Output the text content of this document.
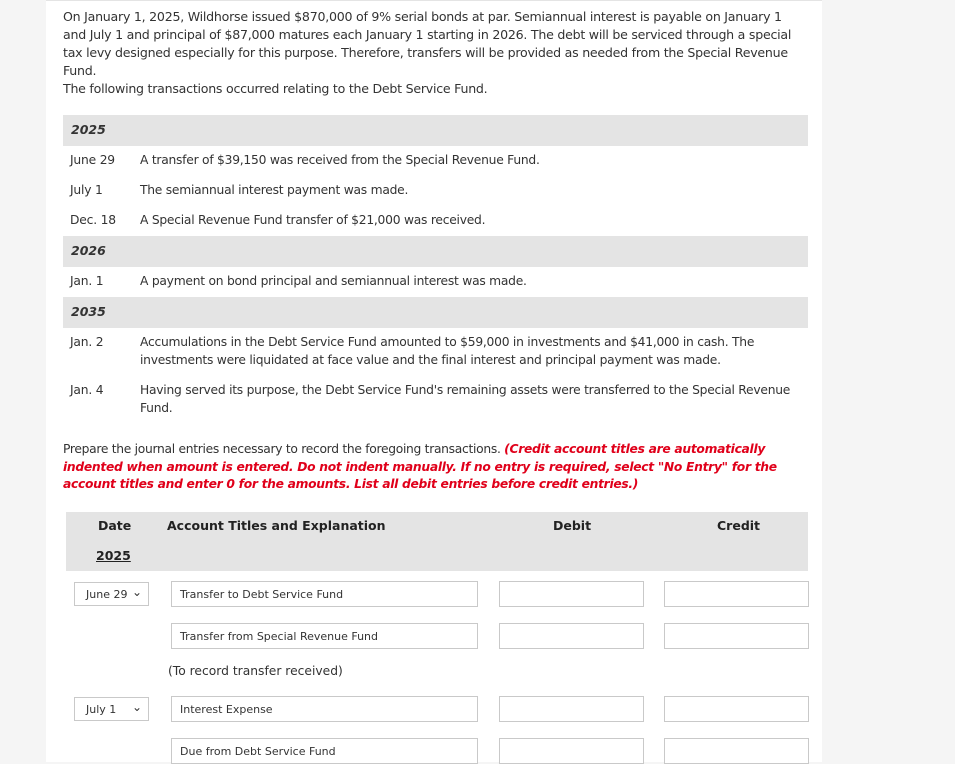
On January 1, 2025, Wildhorse issued $870,000 of 9% serial bonds at par. Semiannual interest is payable on January 1 and July 1 and principal of $87,000 matures each January 1 starting in 2026. The debt will be serviced through a special tax levy designed especially for this purpose. Therefore, transfers will be provided as needed from the Special Revenue Fund.
The following transactions occurred relating to the Debt Service Fund.
2025
June 29 A transfer of $39,150 was received from the Special Revenue Fund.
July 1	The semiannual interest payment was made.
Dec. 18 A Special Revenue Fund transfer of $21,000 was received.
2026
Jan. 1	A payment on bond principal and semiannual interest was made.
2035
Jan. 2	Accumulations in the Debt Service Fund amounted to $59,000 in investments and $41,000 in cash. The investments were liquidated at face value and the final interest and principal payment was made.
Jan. 4	Having served its purpose, the Debt Service Fund's remaining assets were transferred to the Special Revenue Fund.
Prepare the journal entries necessary to record the foregoing transactions. (Credit account titles are automatically indented when amount is entered. Do not indent manually. If no entry is required, select "No Entry" for the account titles and enter 0 for the amounts. List all debit entries before credit entries.)
Date	Account Titles and Explanation	Debit	Credit
2025
June 29 ⌄	Transfer to Debt Service Fund
Transfer from Special Revenue Fund
(To record transfer received)
July 1 ⌄	Interest Expense
Due from Debt Service Fund
